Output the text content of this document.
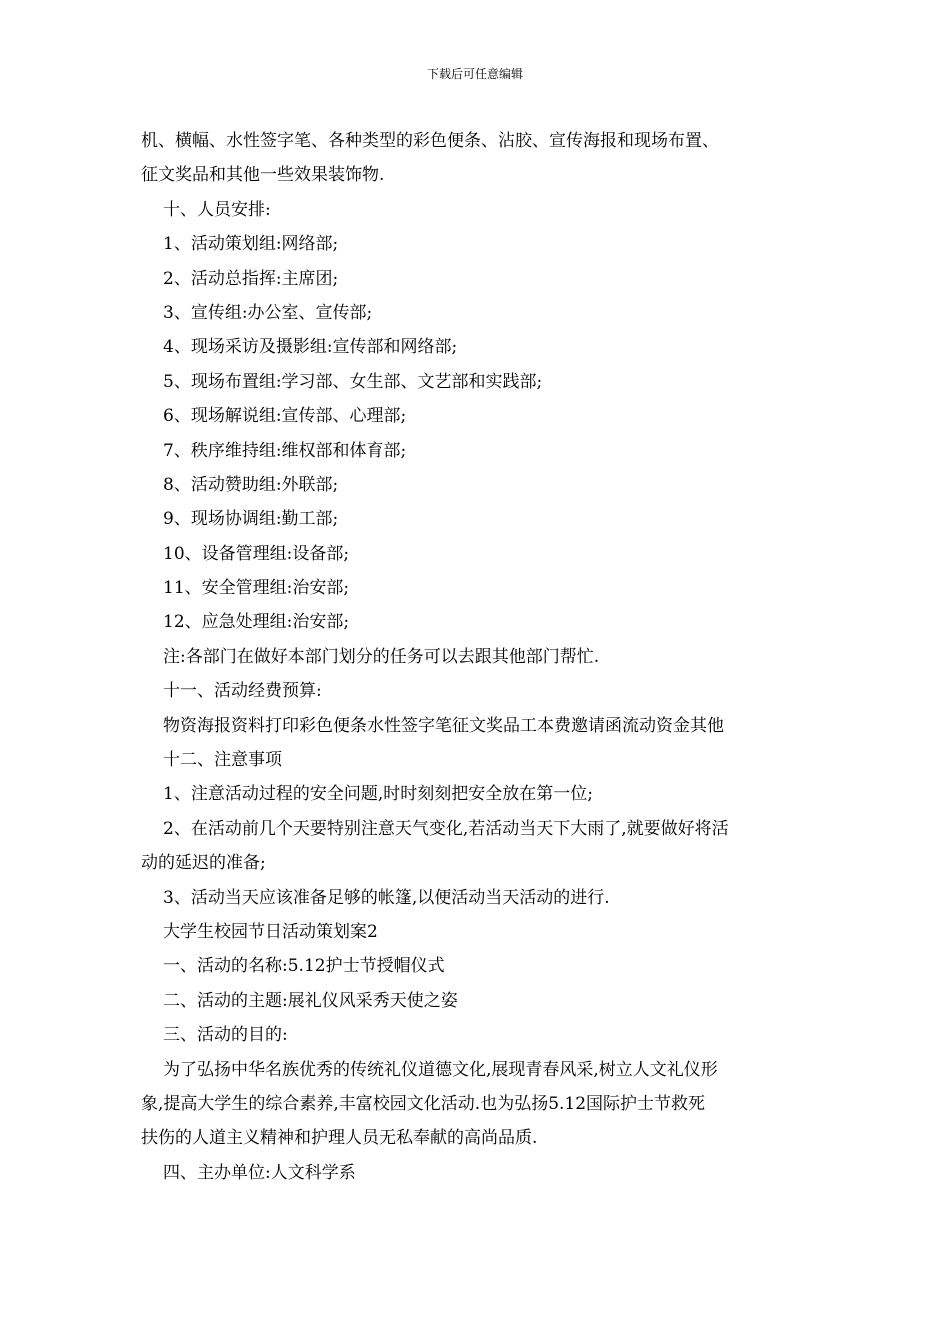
下载后可任意编辑
机、横幅、水性签字笔、各种类型的彩色便条、沾胶、宣传海报和现场布置、
征文奖品和其他一些效果装饰物.
十、人员安排:
1、活动策划组:网络部;
2、活动总指挥:主席团;
3、宣传组:办公室、宣传部;
4、现场采访及摄影组:宣传部和网络部;
5、现场布置组:学习部、女生部、文艺部和实践部;
6、现场解说组:宣传部、心理部;
7、秩序维持组:维权部和体育部;
8、活动赞助组:外联部;
9、现场协调组:勤工部;
10、设备管理组:设备部;
11、安全管理组:治安部;
12、应急处理组:治安部;
注:各部门在做好本部门划分的任务可以去跟其他部门帮忙.
十一、活动经费预算:
物资海报资料打印彩色便条水性签字笔征文奖品工本费邀请函流动资金其他
十二、注意事项
1、注意活动过程的安全问题,时时刻刻把安全放在第一位;
2、在活动前几个天要特别注意天气变化,若活动当天下大雨了,就要做好将活
动的延迟的准备;
3、活动当天应该准备足够的帐篷,以便活动当天活动的进行.
大学生校园节日活动策划案2
一、活动的名称:5.12护士节授帽仪式
二、活动的主题:展礼仪风采秀天使之姿
三、活动的目的:
为了弘扬中华名族优秀的传统礼仪道德文化,展现青春风采,树立人文礼仪形
象,提高大学生的综合素养,丰富校园文化活动.也为弘扬5.12国际护士节救死
扶伤的人道主义精神和护理人员无私奉献的高尚品质.
四、主办单位:人文科学系
